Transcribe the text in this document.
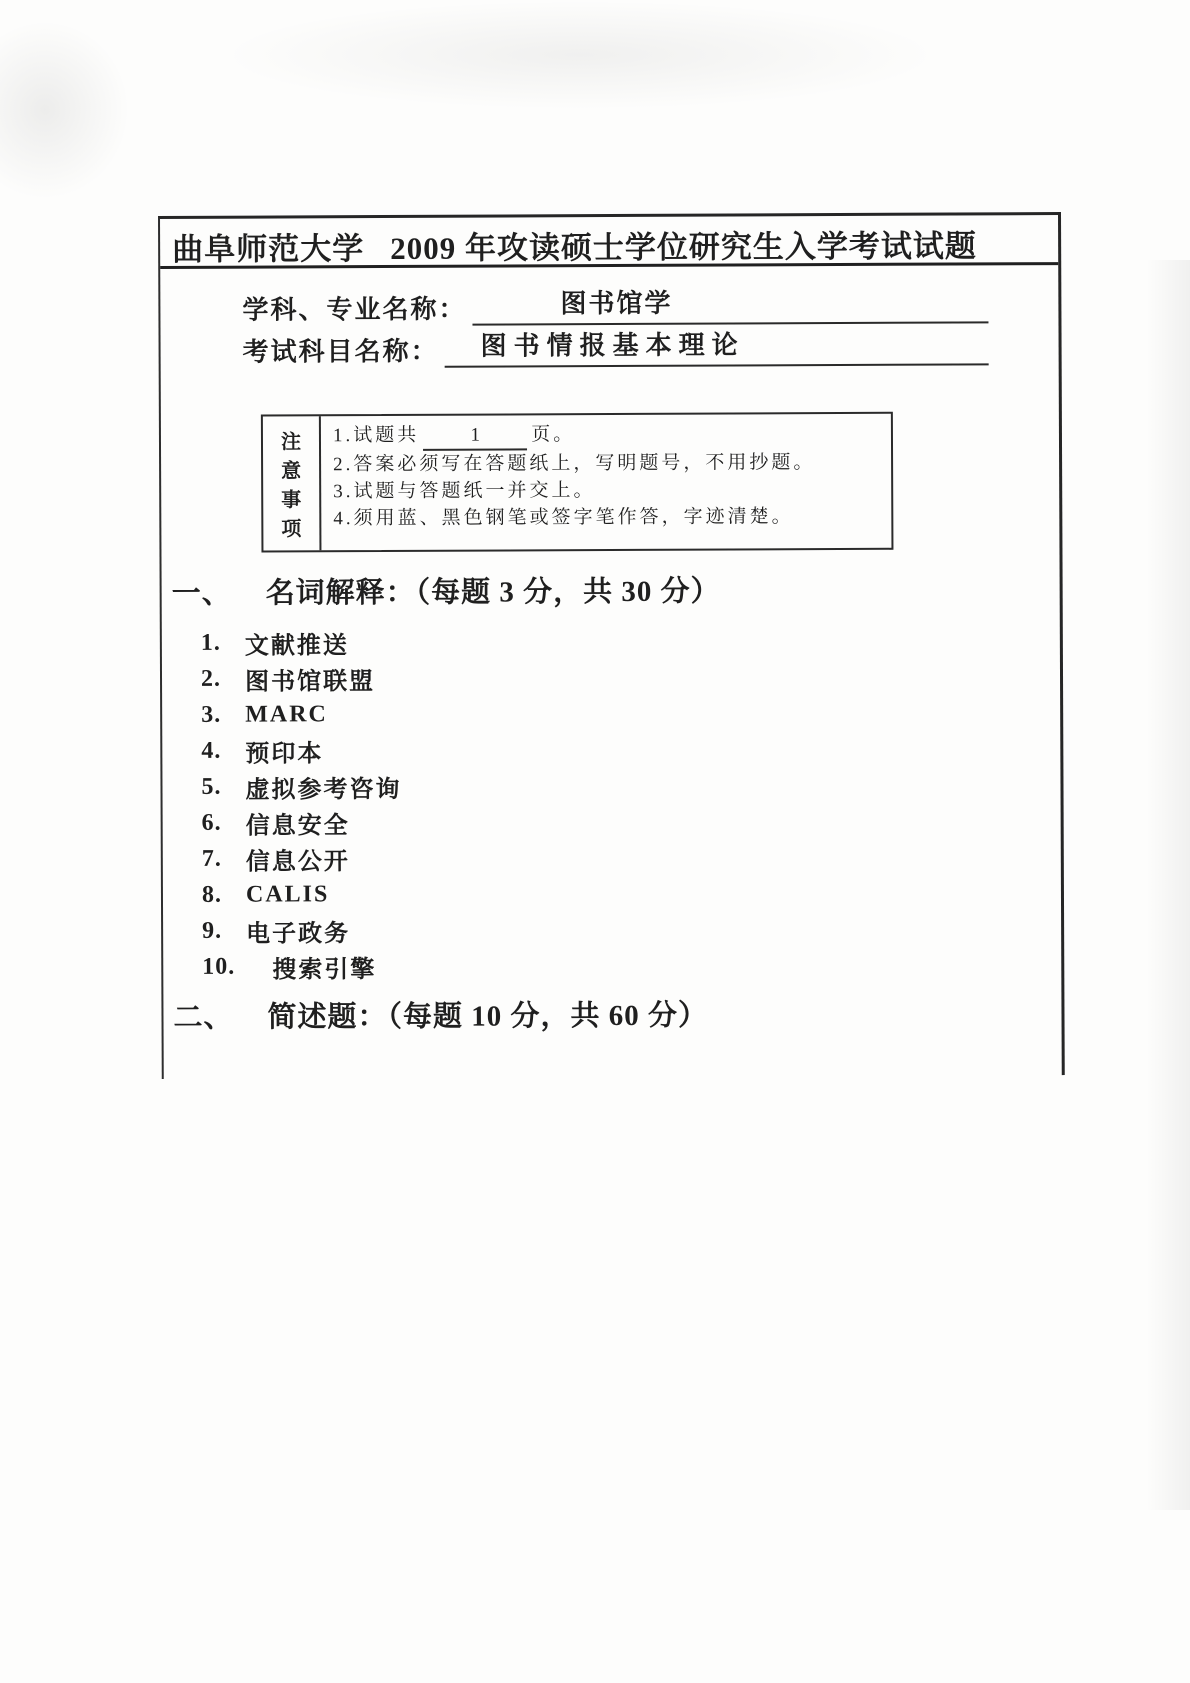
曲阜师范大学 2009 年攻读硕士学位研究生入学考试试题
学科、专业名称：	图书馆学
考试科目名称：	图书情报基本理论
注
意
事
项
1.试题共	1	页。
2.答案必须写在答题纸上，写明题号，不用抄题。
3.试题与答题纸一并交上。
4.须用蓝、黑色钢笔或签字笔作答，字迹清楚。
一、	名词解释：（每题 3 分，共 30 分）
1. 文献推送
2. 图书馆联盟
3. MARC
4. 预印本
5. 虚拟参考咨询
6. 信息安全
7. 信息公开
8. CALIS
9. 电子政务
10.	搜索引擎
二、	简述题：（每题 10 分，共 60 分）
